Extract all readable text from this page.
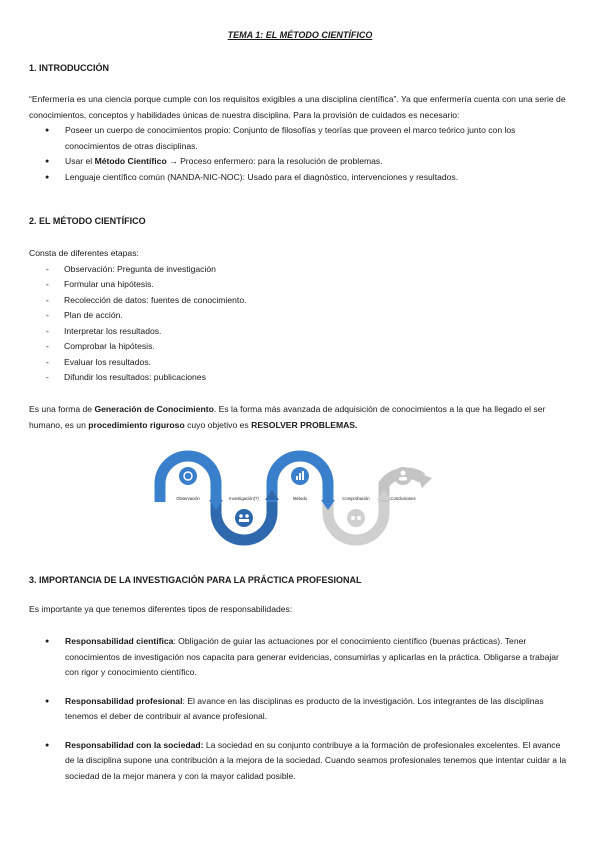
TEMA 1: EL MÉTODO CIENTÍFICO
1. INTRODUCCIÓN
“Enfermería es una ciencia porque cumple con los requisitos exigibles a una disciplina científica”. Ya que enfermería cuenta con una serie de conocimientos, conceptos y habilidades únicas de nuestra disciplina. Para la provisión de cuidados es necesario:
● Poseer un cuerpo de conocimientos propio: Conjunto de filosofías y teorías que proveen el marco teórico junto con los conocimientos de otras disciplinas.
● Usar el Método Científico → Proceso enfermero: para la resolución de problemas.
● Lenguaje científico común (NANDA-NIC-NOC): Usado para el diagnóstico, intervenciones y resultados.
2. EL MÉTODO CIENTÍFICO
Consta de diferentes etapas:
- Observación: Pregunta de investigación
- Formular una hipótesis.
- Recolección de datos: fuentes de conocimiento.
- Plan de acción.
- Interpretar los resultados.
- Comprobar la hipótesis.
- Evaluar los resultados.
- Difundir los resultados: publicaciones
Es una forma de Generación de Conocimiento. Es la forma más avanzada de adquisición de conocimientos a la que ha llegado el ser humano, es un procedimiento riguroso cuyo objetivo es RESOLVER PROBLEMAS.
Observación	Investigación(?)	Método	Comprobación	Conclusiones
3. IMPORTANCIA DE LA INVESTIGACIÓN PARA LA PRÁCTICA PROFESIONAL
Es importante ya que tenemos diferentes tipos de responsabilidades:
● Responsabilidad científica: Obligación de guiar las actuaciones por el conocimiento científico (buenas prácticas). Tener conocimientos de investigación nos capacita para generar evidencias, consumirlas y aplicarlas en la práctica. Obligarse a trabajar con rigor y conocimiento científico.
● Responsabilidad profesional: El avance en las disciplinas es producto de la investigación. Los integrantes de las disciplinas tenemos el deber de contribuir al avance profesional.
● Responsabilidad con la sociedad: La sociedad en su conjunto contribuye a la formación de profesionales excelentes. El avance de la disciplina supone una contribución a la mejora de la sociedad. Cuando seamos profesionales tenemos que intentar cuidar a la sociedad de la mejor manera y con la mayor calidad posible.
